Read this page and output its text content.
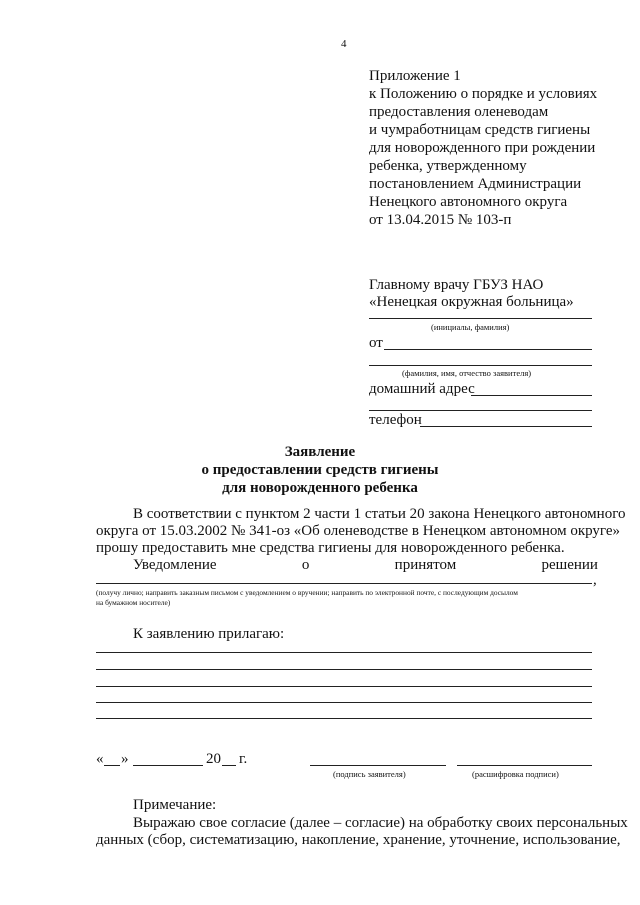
4
Приложение 1
к Положению о порядке и условиях
предоставления оленеводам
и чумработницам средств гигиены
для новорожденного при рождении
ребенка, утвержденному
постановлением Администрации
Ненецкого автономного округа
от 13.04.2015 № 103-п
Главному врачу ГБУЗ НАО
«Ненецкая окружная больница»
(инициалы, фамилия)
от
(фамилия, имя, отчество заявителя)
домашний адрес
телефон
Заявление
о предоставлении средств гигиены
для новорожденного ребенка
В соответствии с пунктом 2 части 1 статьи 20 закона Ненецкого автономного
округа от 15.03.2002 № 341-оз «Об оленеводстве в Ненецком автономном округе»
прошу предоставить мне средства гигиены для новорожденного ребенка.
Уведомление	о	принятом	решении
,
(получу лично; направить заказным письмом с уведомлением о вручении; направить по электронной почте, с последующим досылом
на бумажном носителе)
К заявлению прилагаю:
« »	20 г.
(подпись заявителя)	(расшифровка подписи)
Примечание:
Выражаю свое согласие (далее – согласие) на обработку своих персональных
данных (сбор, систематизацию, накопление, хранение, уточнение, использование,
